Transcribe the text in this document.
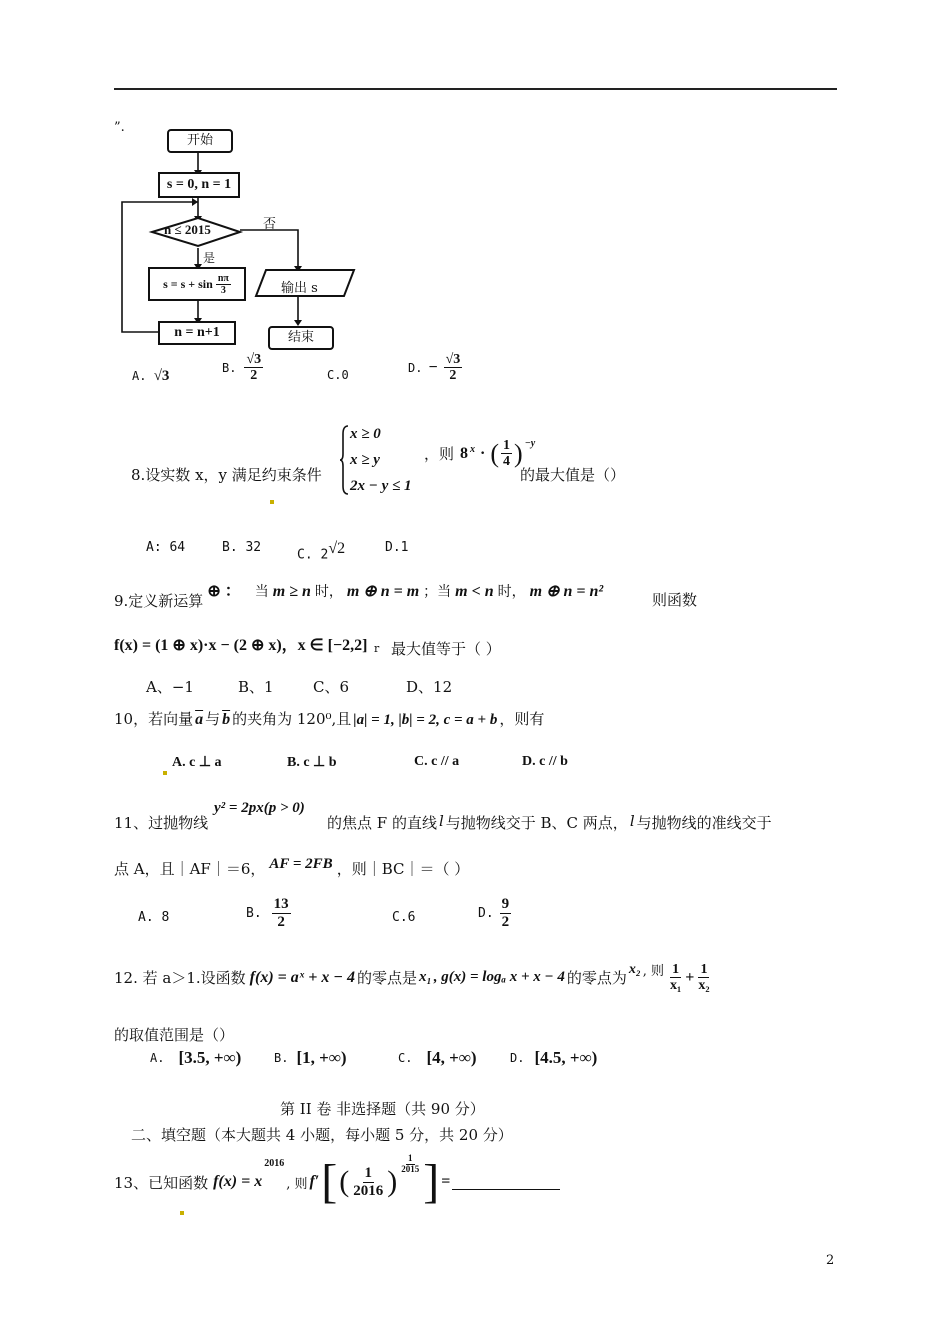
”.
开始
s = 0, n = 1
n ≤ 2015	否
是
$s = s + \sin \frac{n\pi}{3}$	输出 s
n = n+1	结束
A. √3
B. $\frac{√3}{2}$	C.0
D. − $\frac{√3}{2}$
8.设实数 x，y 满足约束条件
x ≥ 0
x ≥ y
2x − y ≤ 1
，则 $8^x$ · ( $\frac{1}{4} )^{-y}$
的最大值是（）
A: 64	B. 32	C. $2^{√2}$	D.1
9.定义新运算
⊕ ： 当 m ≥ n 时， m ⊕ n = m ；当 m < n 时， m ⊕ n = n²	则函数
f(x) = (1 ⊕ x)·x − (2 ⊕ x)，x ∈ [−2,2] r 最大值等于（ ）
A、−1	B、1	C、6	D、12
10，若向量 $\overline{a}$ 与 $\overline{b}$ 的夹角为 120⁰,且 |a| = 1, |b| = 2, c = a + b ，则有
A. c ⊥ a	B. c ⊥ b	C. c // a	D. c // b
11、过抛物线
y² = 2px(p > 0)
的焦点 F 的直线 l 与抛物线交于 B、C 两点， l 与抛物线的准线交于
点 A，且｜AF｜＝6， AF = 2FB ，则｜BC｜＝（ ）
A. 8	B. $\frac{13}{2}$	C.6	D. $\frac{9}{2}$
12. 若 a＞1.设函数 f(x) = aˣ + x − 4 的零点是 x₁ , g(x) = logₐ x + x − 4 的零点为 x₂ , 则 $\frac{1}{\text{x₁}} + \frac{1}{\text{x₂}}$
的取值范围是（）
A. [3.5, +∞)	B. [1, +∞)	C. [4, +∞)	D. [4.5, +∞)
第 II 卷 非选择题（共 90 分）
二、填空题（本大题共 4 小题，每小题 5 分，共 20 分）
13、已知函数 f(x) = x
2016
, 则 f′ [ ( $\frac{1}{2016}$ )
$\frac{1}{2015}$ ] =
2
